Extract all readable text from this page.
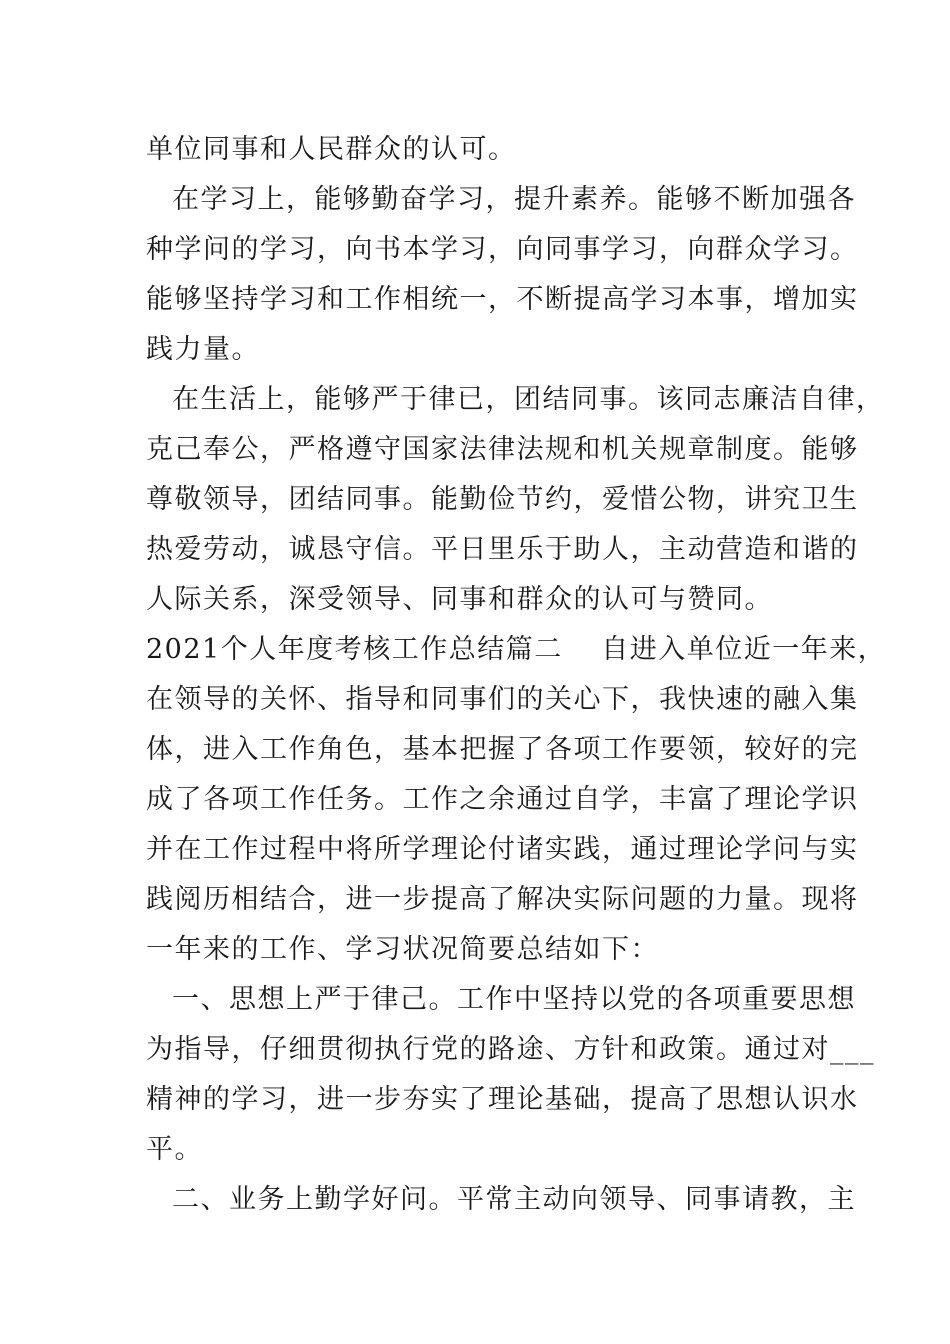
单位同事和人民群众的认可。
在学习上，能够勤奋学习，提升素养。能够不断加强各
种学问的学习，向书本学习，向同事学习，向群众学习。
能够坚持学习和工作相统一，不断提高学习本事，增加实
践力量。
在生活上，能够严于律已，团结同事。该同志廉洁自律，
克己奉公，严格遵守国家法律法规和机关规章制度。能够
尊敬领导，团结同事。能勤俭节约，爱惜公物，讲究卫生
热爱劳动，诚恳守信。平日里乐于助人，主动营造和谐的
人际关系，深受领导、同事和群众的认可与赞同。
2021个人年度考核工作总结篇二　 自进入单位近一年来，
在领导的关怀、指导和同事们的关心下，我快速的融入集
体，进入工作角色，基本把握了各项工作要领，较好的完
成了各项工作任务。工作之余通过自学，丰富了理论学识
并在工作过程中将所学理论付诸实践，通过理论学问与实
践阅历相结合，进一步提高了解决实际问题的力量。现将
一年来的工作、学习状况简要总结如下：
一、思想上严于律己。工作中坚持以党的各项重要思想
为指导，仔细贯彻执行党的路途、方针和政策。通过对___
精神的学习，进一步夯实了理论基础，提高了思想认识水
平。
二、业务上勤学好问。平常主动向领导、同事请教，主
